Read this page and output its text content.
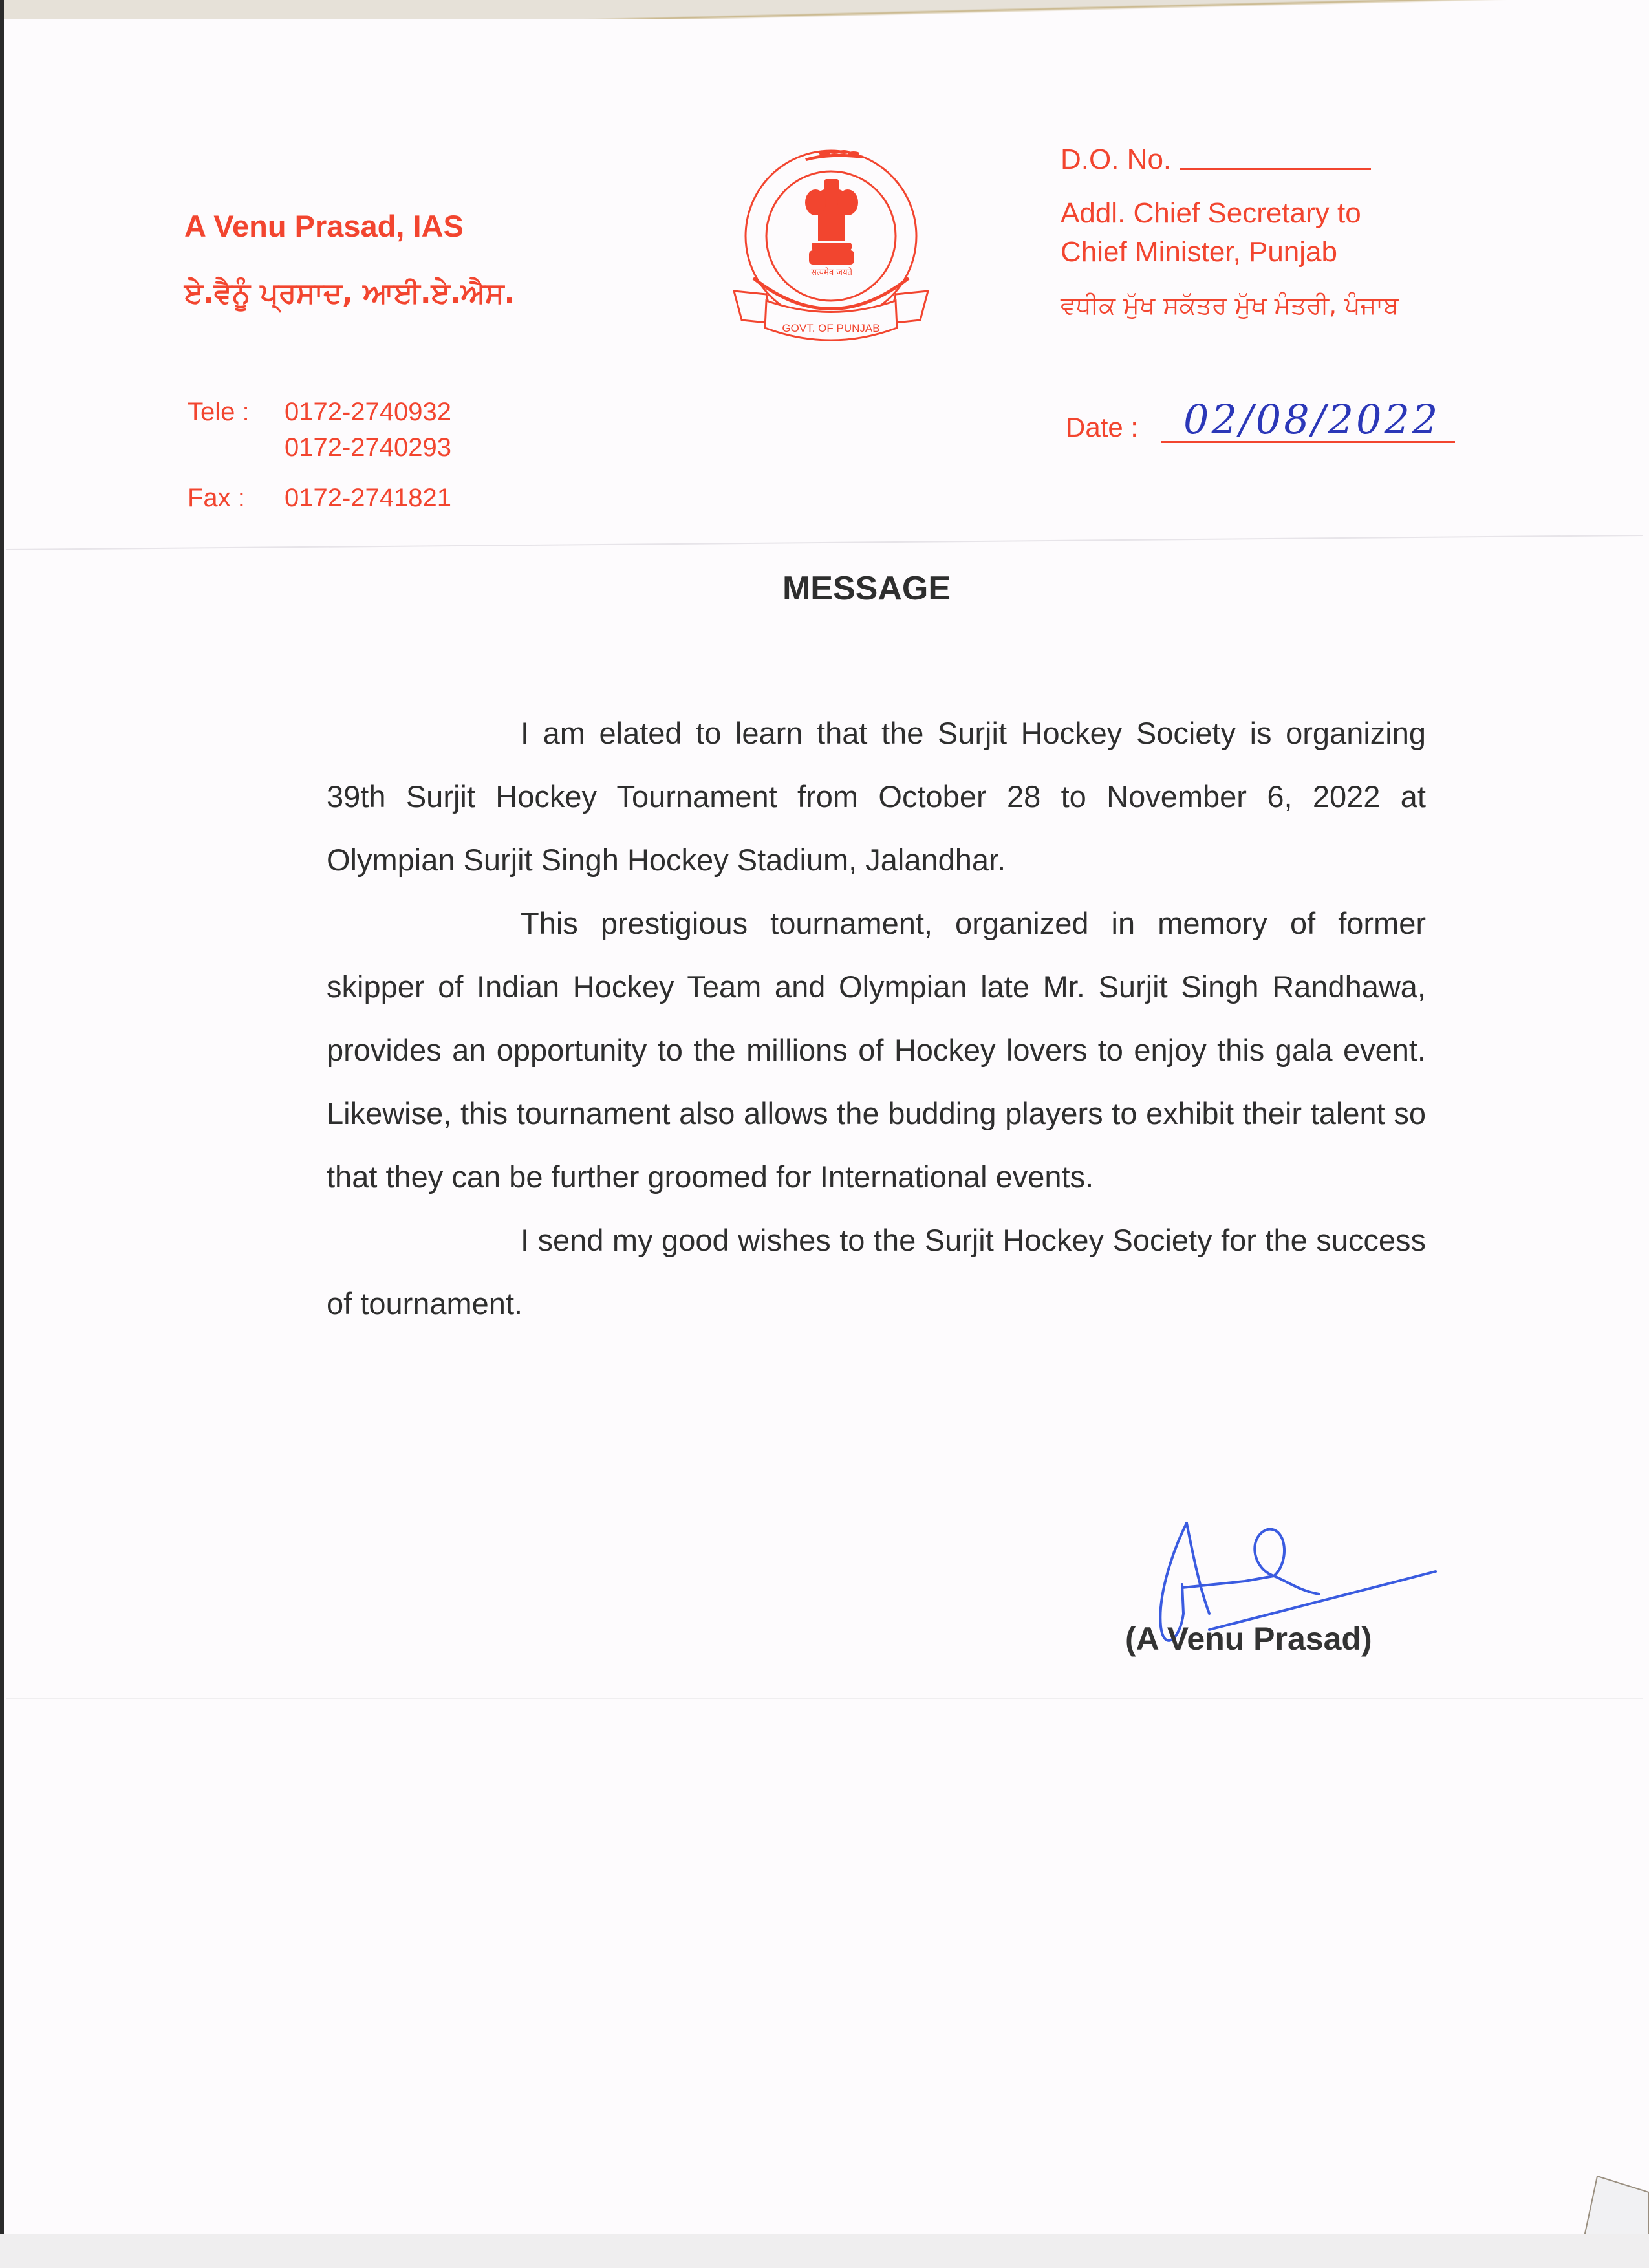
A Venu Prasad, IAS
ਏ.ਵੈਨੂੰ ਪ੍ਰਸਾਦ, ਆਈ.ਏ.ਐਸ.
Tele : 0172-2740932
0172-2740293
Fax : 0172-2741821
सत्यमेव जयते
GOVT. OF PUNJAB
D.O. No.
Addl. Chief Secretary to
Chief Minister, Punjab
ਵਧੀਕ ਮੁੱਖ ਸਕੱਤਰ ਮੁੱਖ ਮੰਤਰੀ, ਪੰਜਾਬ
Date : 02/08/2022
MESSAGE

I am elated to learn that the Surjit Hockey Society is organizing 39th Surjit Hockey Tournament from October 28 to November 6, 2022 at Olympian Surjit Singh Hockey Stadium, Jalandhar.

This prestigious tournament, organized in memory of former skipper of Indian Hockey Team and Olympian late Mr. Surjit Singh Randhawa, provides an opportunity to the millions of Hockey lovers to enjoy this gala event. Likewise, this tournament also allows the budding players to exhibit their talent so that they can be further groomed for International events.

I send my good wishes to the Surjit Hockey Society for the success of tournament.

(A Venu Prasad)
